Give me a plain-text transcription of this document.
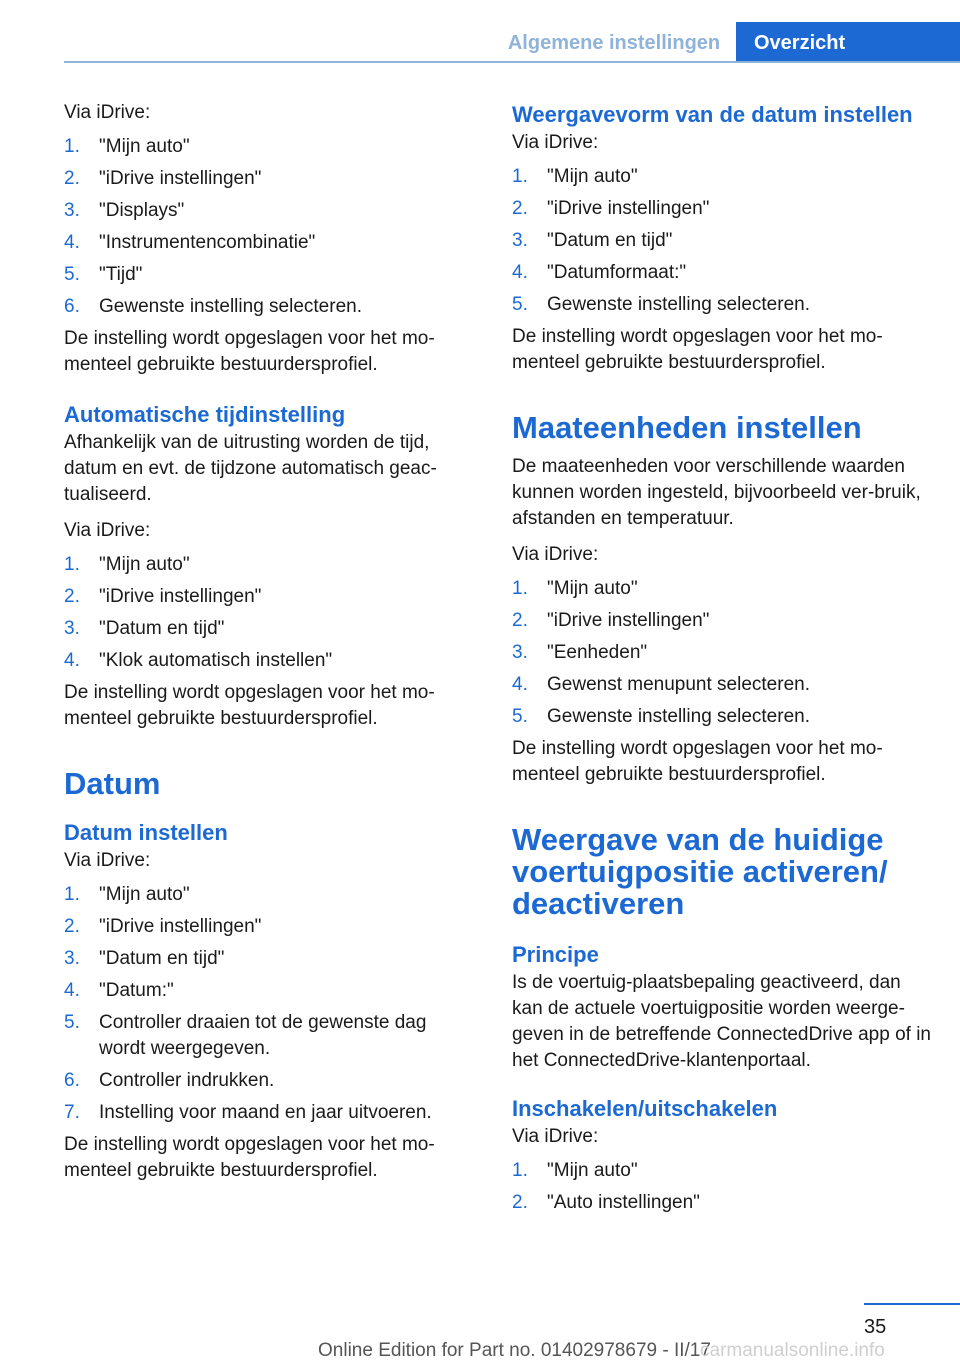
Algemene instellingen	Overzicht

Via iDrive:

1. "Mijn auto"
2. "iDrive instellingen"
3. "Displays"
4. "Instrumentencombinatie"
5. "Tijd"
6. Gewenste instelling selecteren.

De instelling wordt opgeslagen voor het mo‐menteel gebruikte bestuurdersprofiel.

Automatische tijdinstelling

Afhankelijk van de uitrusting worden de tijd, datum en evt. de tijdzone automatisch geac‐tualiseerd.

Via iDrive:

1. "Mijn auto"
2. "iDrive instellingen"
3. "Datum en tijd"
4. "Klok automatisch instellen"

De instelling wordt opgeslagen voor het mo‐menteel gebruikte bestuurdersprofiel.

Datum
Datum instellen

Via iDrive:

1. "Mijn auto"
2. "iDrive instellingen"
3. "Datum en tijd"
4. "Datum:"
5. Controller draaien tot de gewenste dag wordt weergegeven.
6. Controller indrukken.
7. Instelling voor maand en jaar uitvoeren.

De instelling wordt opgeslagen voor het mo‐menteel gebruikte bestuurdersprofiel.

Weergavevorm van de datum instellen

Via iDrive:

1. "Mijn auto"
2. "iDrive instellingen"
3. "Datum en tijd"
4. "Datumformaat:"
5. Gewenste instelling selecteren.

De instelling wordt opgeslagen voor het mo‐menteel gebruikte bestuurdersprofiel.

Maateenheden instellen

De maateenheden voor verschillende waarden kunnen worden ingesteld, bijvoorbeeld ver‐bruik, afstanden en temperatuur.

Via iDrive:

1. "Mijn auto"
2. "iDrive instellingen"
3. "Eenheden"
4. Gewenst menupunt selecteren.
5. Gewenste instelling selecteren.

De instelling wordt opgeslagen voor het mo‐menteel gebruikte bestuurdersprofiel.

Weergave van de huidige voertuigpositie activeren/ deactiveren
Principe

Is de voertuig-plaatsbepaling geactiveerd, dan kan de actuele voertuigpositie worden weerge‐geven in de betreffende ConnectedDrive app of in het ConnectedDrive-klantenportaal.

Inschakelen/uitschakelen

Via iDrive:

1. "Mijn auto"
2. "Auto instellingen"
35
Online Edition for Part no. 01402978679 - II/17
carmanualsonline.info
